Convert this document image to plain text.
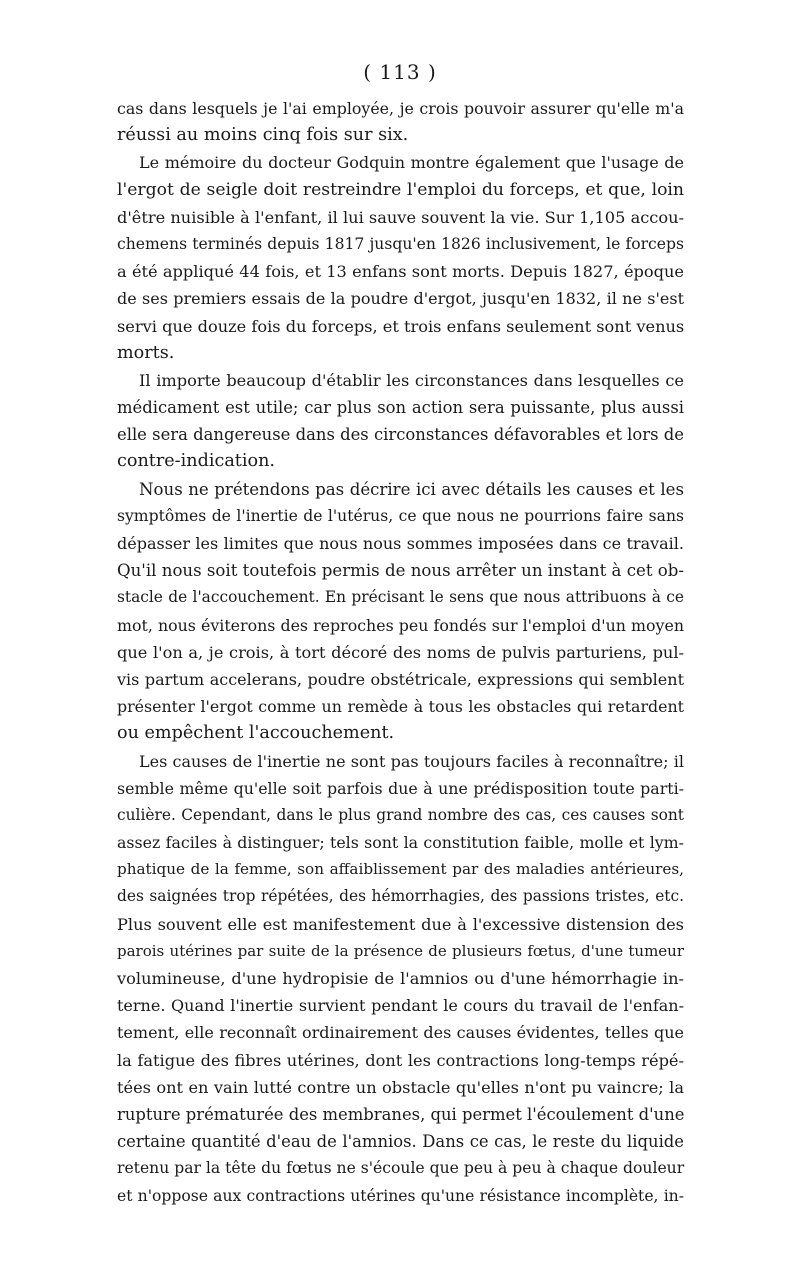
( 113 )
cas dans lesquels je l'ai employée, je crois pouvoir assurer qu'elle m'a
réussi au moins cinq fois sur six.
Le mémoire du docteur Godquin montre également que l'usage de
l'ergot de seigle doit restreindre l'emploi du forceps, et que, loin
d'être nuisible à l'enfant, il lui sauve souvent la vie. Sur 1,105 accou-
chemens terminés depuis 1817 jusqu'en 1826 inclusivement, le forceps
a été appliqué 44 fois, et 13 enfans sont morts. Depuis 1827, époque
de ses premiers essais de la poudre d'ergot, jusqu'en 1832, il ne s'est
servi que douze fois du forceps, et trois enfans seulement sont venus
morts.
Il importe beaucoup d'établir les circonstances dans lesquelles ce
médicament est utile; car plus son action sera puissante, plus aussi
elle sera dangereuse dans des circonstances défavorables et lors de
contre-indication.
Nous ne prétendons pas décrire ici avec détails les causes et les
symptômes de l'inertie de l'utérus, ce que nous ne pourrions faire sans
dépasser les limites que nous nous sommes imposées dans ce travail.
Qu'il nous soit toutefois permis de nous arrêter un instant à cet ob-
stacle de l'accouchement. En précisant le sens que nous attribuons à ce
mot, nous éviterons des reproches peu fondés sur l'emploi d'un moyen
que l'on a, je crois, à tort décoré des noms de pulvis parturiens, pul-
vis partum accelerans, poudre obstétricale, expressions qui semblent
présenter l'ergot comme un remède à tous les obstacles qui retardent
ou empêchent l'accouchement.
Les causes de l'inertie ne sont pas toujours faciles à reconnaître; il
semble même qu'elle soit parfois due à une prédisposition toute parti-
culière. Cependant, dans le plus grand nombre des cas, ces causes sont
assez faciles à distinguer; tels sont la constitution faible, molle et lym-
phatique de la femme, son affaiblissement par des maladies antérieures,
des saignées trop répétées, des hémorrhagies, des passions tristes, etc.
Plus souvent elle est manifestement due à l'excessive distension des
parois utérines par suite de la présence de plusieurs fœtus, d'une tumeur
volumineuse, d'une hydropisie de l'amnios ou d'une hémorrhagie in-
terne. Quand l'inertie survient pendant le cours du travail de l'enfan-
tement, elle reconnaît ordinairement des causes évidentes, telles que
la fatigue des fibres utérines, dont les contractions long-temps répé-
tées ont en vain lutté contre un obstacle qu'elles n'ont pu vaincre; la
rupture prématurée des membranes, qui permet l'écoulement d'une
certaine quantité d'eau de l'amnios. Dans ce cas, le reste du liquide
retenu par la tête du fœtus ne s'écoule que peu à peu à chaque douleur
et n'oppose aux contractions utérines qu'une résistance incomplète, in-
